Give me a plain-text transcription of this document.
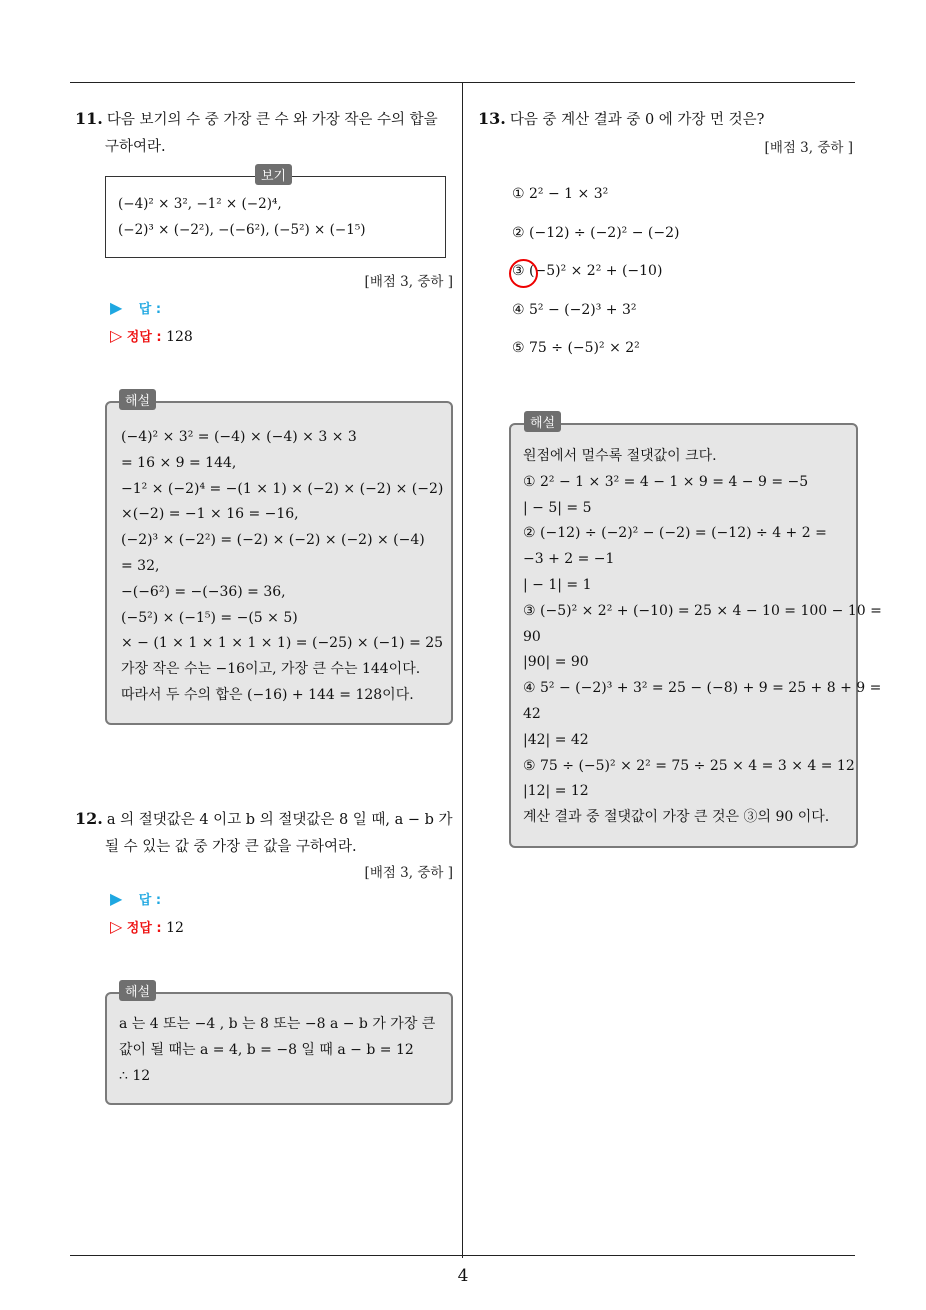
4
11. 다음 보기의 수 중 가장 큰 수 와 가장 작은 수의 합을
구하여라.
(−4)² × 3², −1² × (−2)⁴,
(−2)³ × (−2²), −(−6²), (−5²) × (−1⁵)
보기
[배점 3, 중하 ]
▶ 답 :
▷ 정답 : 128
(−4)² × 3² = (−4) × (−4) × 3 × 3
= 16 × 9 = 144,
−1² × (−2)⁴ = −(1 × 1) × (−2) × (−2) × (−2)
×(−2) = −1 × 16 = −16,
(−2)³ × (−2²) = (−2) × (−2) × (−2) × (−4)
= 32,
−(−6²) = −(−36) = 36,
(−5²) × (−1⁵) = −(5 × 5)
× − (1 × 1 × 1 × 1 × 1) = (−25) × (−1) = 25
가장 작은 수는 −16이고, 가장 큰 수는 144이다.
따라서 두 수의 합은 (−16) + 144 = 128이다.
해설
12. a 의 절댓값은 4 이고 b 의 절댓값은 8 일 때, a − b 가
될 수 있는 값 중 가장 큰 값을 구하여라.
[배점 3, 중하 ]
▶ 답 :
▷ 정답 : 12
a 는 4 또는 −4 , b 는 8 또는 −8 a − b 가 가장 큰
값이 될 때는 a = 4, b = −8 일 때 a − b = 12
∴ 12
해설
13. 다음 중 계산 결과 중 0 에 가장 먼 것은?
[배점 3, 중하 ]
① 2² − 1 × 3²
② (−12) ÷ (−2)² − (−2)
③ (−5)² × 2² + (−10)
④ 5² − (−2)³ + 3²
⑤ 75 ÷ (−5)² × 2²
원점에서 멀수록 절댓값이 크다.
① 2² − 1 × 3² = 4 − 1 × 9 = 4 − 9 = −5
| − 5| = 5
② (−12) ÷ (−2)² − (−2) = (−12) ÷ 4 + 2 =
−3 + 2 = −1
| − 1| = 1
③ (−5)² × 2² + (−10) = 25 × 4 − 10 = 100 − 10 =
90
|90| = 90
④ 5² − (−2)³ + 3² = 25 − (−8) + 9 = 25 + 8 + 9 =
42
|42| = 42
⑤ 75 ÷ (−5)² × 2² = 75 ÷ 25 × 4 = 3 × 4 = 12
|12| = 12
계산 결과 중 절댓값이 가장 큰 것은 ③의 90 이다.
해설
